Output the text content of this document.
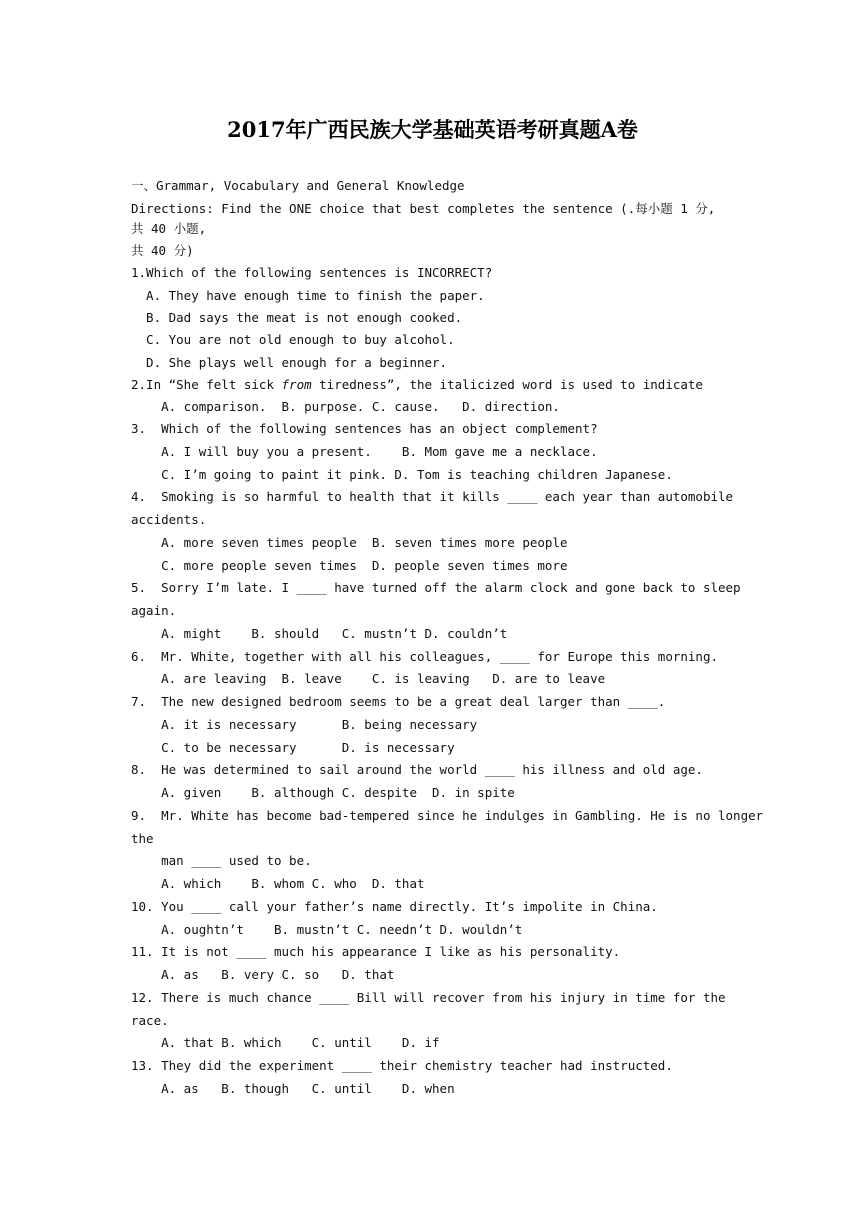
2017年广西民族大学基础英语考研真题A卷
一、Grammar, Vocabulary and General Knowledge
Directions: Find the ONE choice that best completes the sentence (.每小题 1 分,
共 40 小题,
共 40 分)
1.Which of the following sentences is INCORRECT?
A. They have enough time to finish the paper.
B. Dad says the meat is not enough cooked.
C. You are not old enough to buy alcohol.
D. She plays well enough for a beginner.
2.In “She felt sick from tiredness”, the italicized word is used to indicate
A. comparison.  B. purpose. C. cause.   D. direction.
3.  Which of the following sentences has an object complement?
A. I will buy you a present.    B. Mom gave me a necklace.
C. I’m going to paint it pink. D. Tom is teaching children Japanese.
4.  Smoking is so harmful to health that it kills ____ each year than automobile
accidents.
A. more seven times people  B. seven times more people
C. more people seven times  D. people seven times more
5.  Sorry I’m late. I ____ have turned off the alarm clock and gone back to sleep
again.
A. might    B. should   C. mustn’t D. couldn’t
6.  Mr. White, together with all his colleagues, ____ for Europe this morning.
A. are leaving  B. leave    C. is leaving   D. are to leave
7.  The new designed bedroom seems to be a great deal larger than ____.
A. it is necessary      B. being necessary
C. to be necessary      D. is necessary
8.  He was determined to sail around the world ____ his illness and old age.
A. given    B. although C. despite  D. in spite
9.  Mr. White has become bad-tempered since he indulges in Gambling. He is no longer
the
man ____ used to be.
A. which    B. whom C. who  D. that
10. You ____ call your father’s name directly. It’s impolite in China.
A. oughtn’t    B. mustn’t C. needn’t D. wouldn’t
11. It is not ____ much his appearance I like as his personality.
A. as   B. very C. so   D. that
12. There is much chance ____ Bill will recover from his injury in time for the
race.
A. that B. which    C. until    D. if
13. They did the experiment ____ their chemistry teacher had instructed.
A. as   B. though   C. until    D. when
